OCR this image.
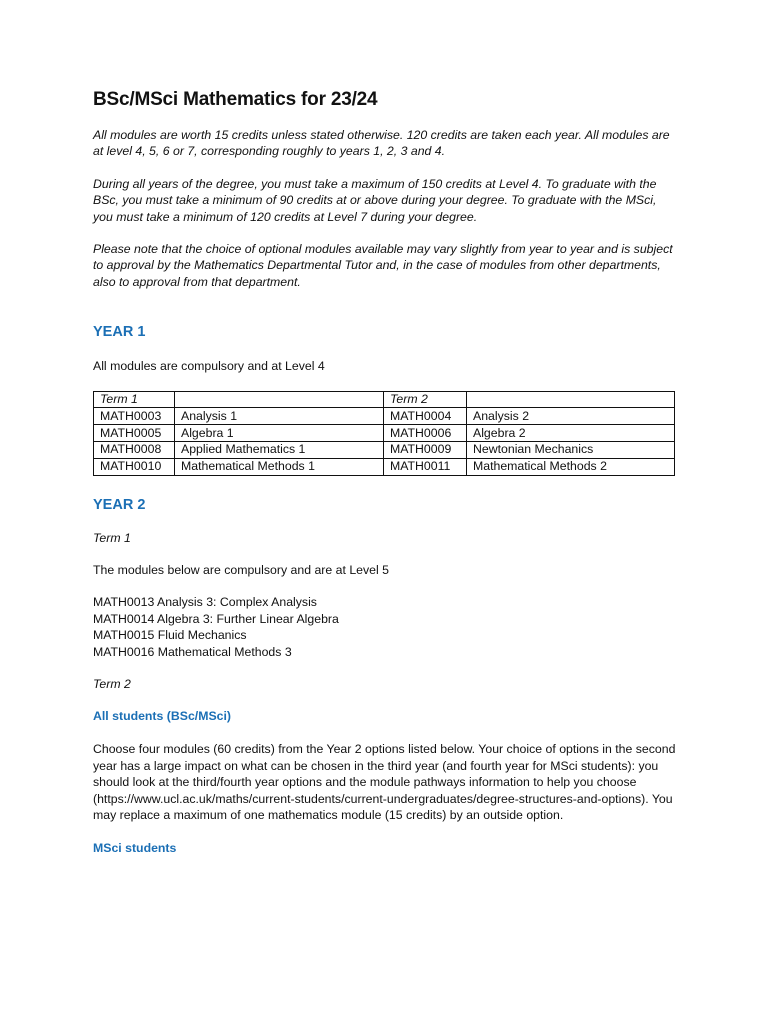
BSc/MSci Mathematics for 23/24

All modules are worth 15 credits unless stated otherwise. 120 credits are taken each year. All modules are at level 4, 5, 6 or 7, corresponding roughly to years 1, 2, 3 and 4.

During all years of the degree, you must take a maximum of 150 credits at Level 4. To graduate with the BSc, you must take a minimum of 90 credits at or above during your degree. To graduate with the MSci, you must take a minimum of 120 credits at Level 7 during your degree.

Please note that the choice of optional modules available may vary slightly from year to year and is subject to approval by the Mathematics Departmental Tutor and, in the case of modules from other departments, also to approval from that department.

YEAR 1

All modules are compulsory and at Level 4

Term 1		Term 2	
MATH0003	Analysis 1	MATH0004	Analysis 2
MATH0005	Algebra 1	MATH0006	Algebra 2
MATH0008	Applied Mathematics 1	MATH0009	Newtonian Mechanics
MATH0010	Mathematical Methods 1	MATH0011	Mathematical Methods 2
YEAR 2

Term 1

The modules below are compulsory and are at Level 5

MATH0013 Analysis 3: Complex Analysis
MATH0014 Algebra 3: Further Linear Algebra
MATH0015 Fluid Mechanics
MATH0016 Mathematical Methods 3

Term 2

All students (BSc/MSci)

Choose four modules (60 credits) from the Year 2 options listed below. Your choice of options in the second year has a large impact on what can be chosen in the third year (and fourth year for MSci students): you should look at the third/fourth year options and the module pathways information to help you choose (https://www.ucl.ac.uk/maths/current-students/current-undergraduates/degree-structures-and-options). You may replace a maximum of one mathematics module (15 credits) by an outside option.

MSci students
